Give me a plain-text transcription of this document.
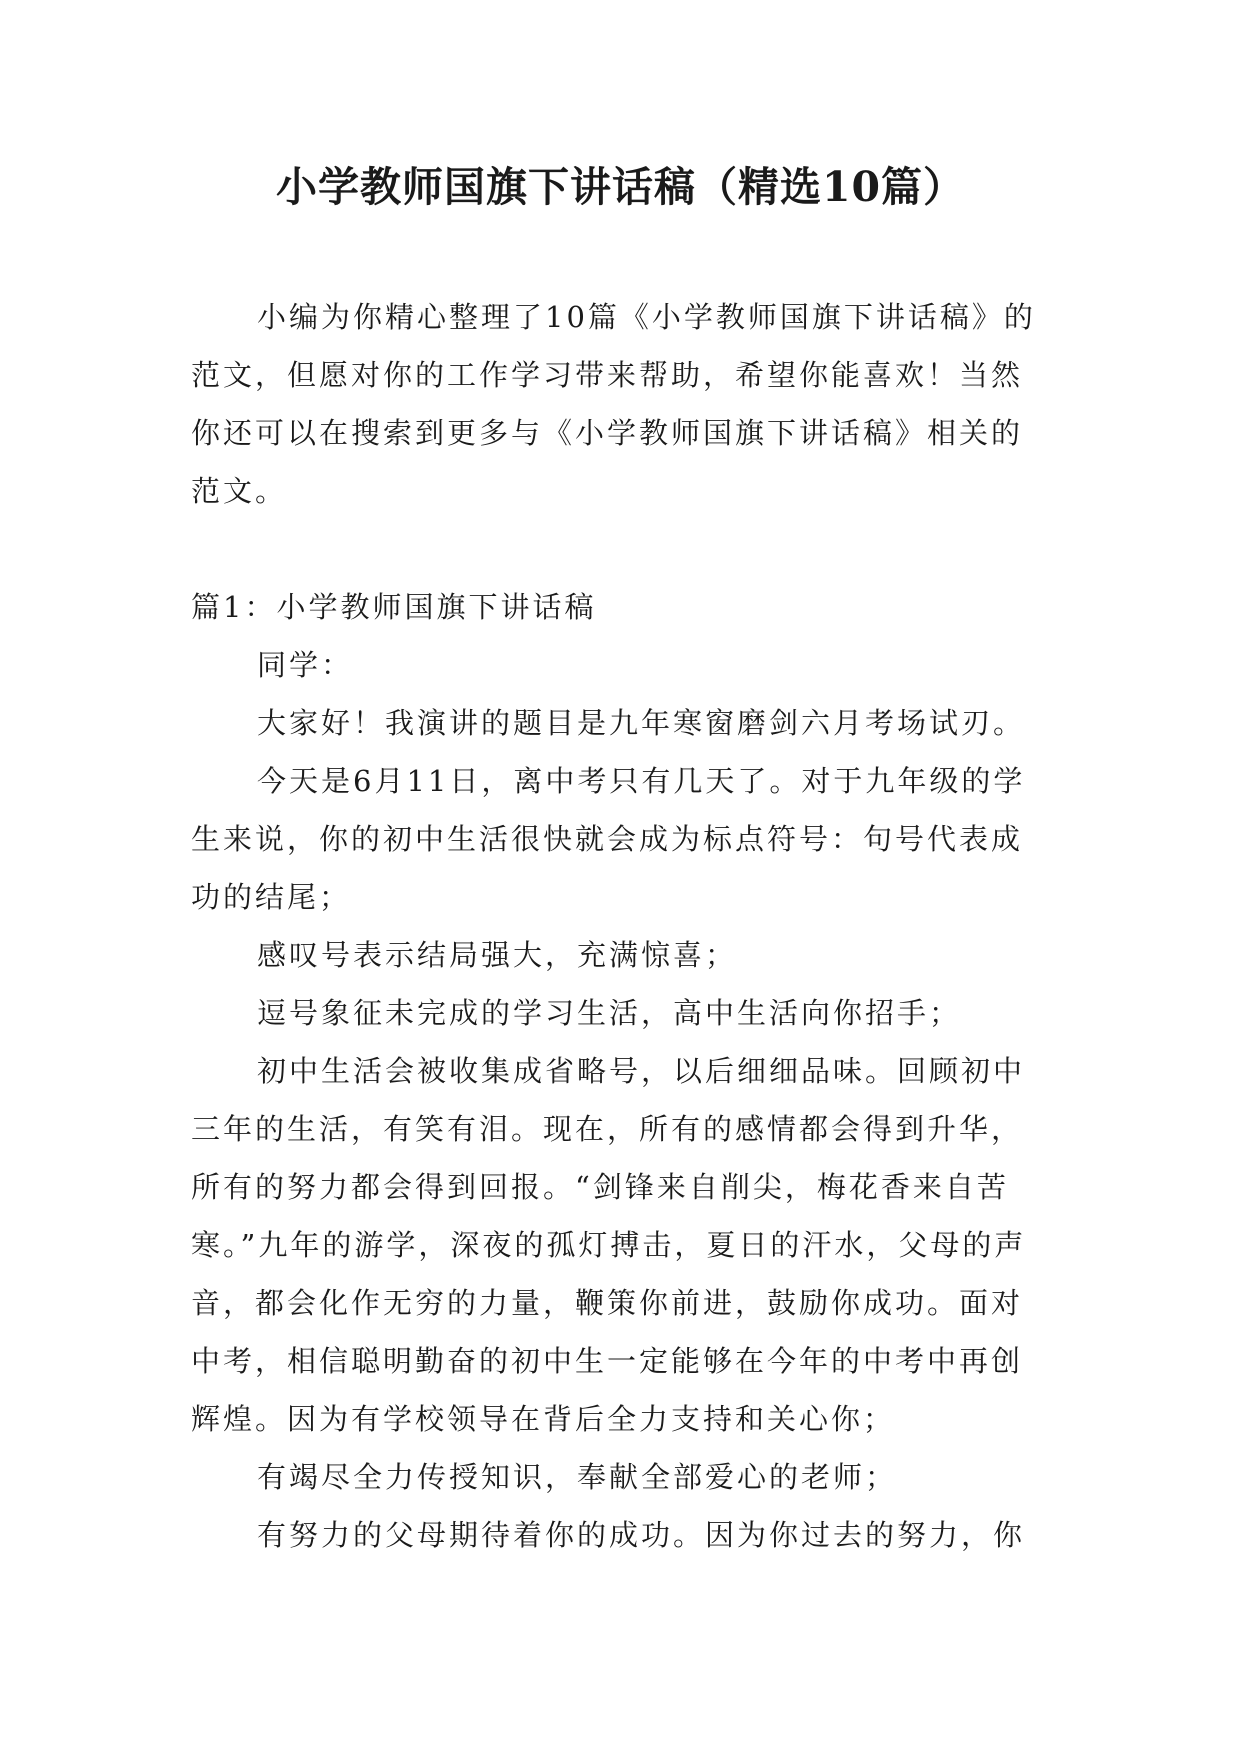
小学教师国旗下讲话稿（精选10篇）

小编为你精心整理了10篇《小学教师国旗下讲话稿》的范文，但愿对你的工作学习带来帮助，希望你能喜欢！当然你还可以在搜索到更多与《小学教师国旗下讲话稿》相关的范文。

篇1：小学教师国旗下讲话稿

同学：

大家好！我演讲的题目是九年寒窗磨剑六月考场试刃。

今天是6月11日，离中考只有几天了。对于九年级的学生来说，你的初中生活很快就会成为标点符号：句号代表成功的结尾；

感叹号表示结局强大，充满惊喜；

逗号象征未完成的学习生活，高中生活向你招手；

初中生活会被收集成省略号，以后细细品味。回顾初中三年的生活，有笑有泪。现在，所有的感情都会得到升华，所有的努力都会得到回报。“剑锋来自削尖，梅花香来自苦寒。”九年的游学，深夜的孤灯搏击，夏日的汗水，父母的声音，都会化作无穷的力量，鞭策你前进，鼓励你成功。面对中考，相信聪明勤奋的初中生一定能够在今年的中考中再创辉煌。因为有学校领导在背后全力支持和关心你；

有竭尽全力传授知识，奉献全部爱心的老师；

有努力的父母期待着你的成功。因为你过去的努力，你
